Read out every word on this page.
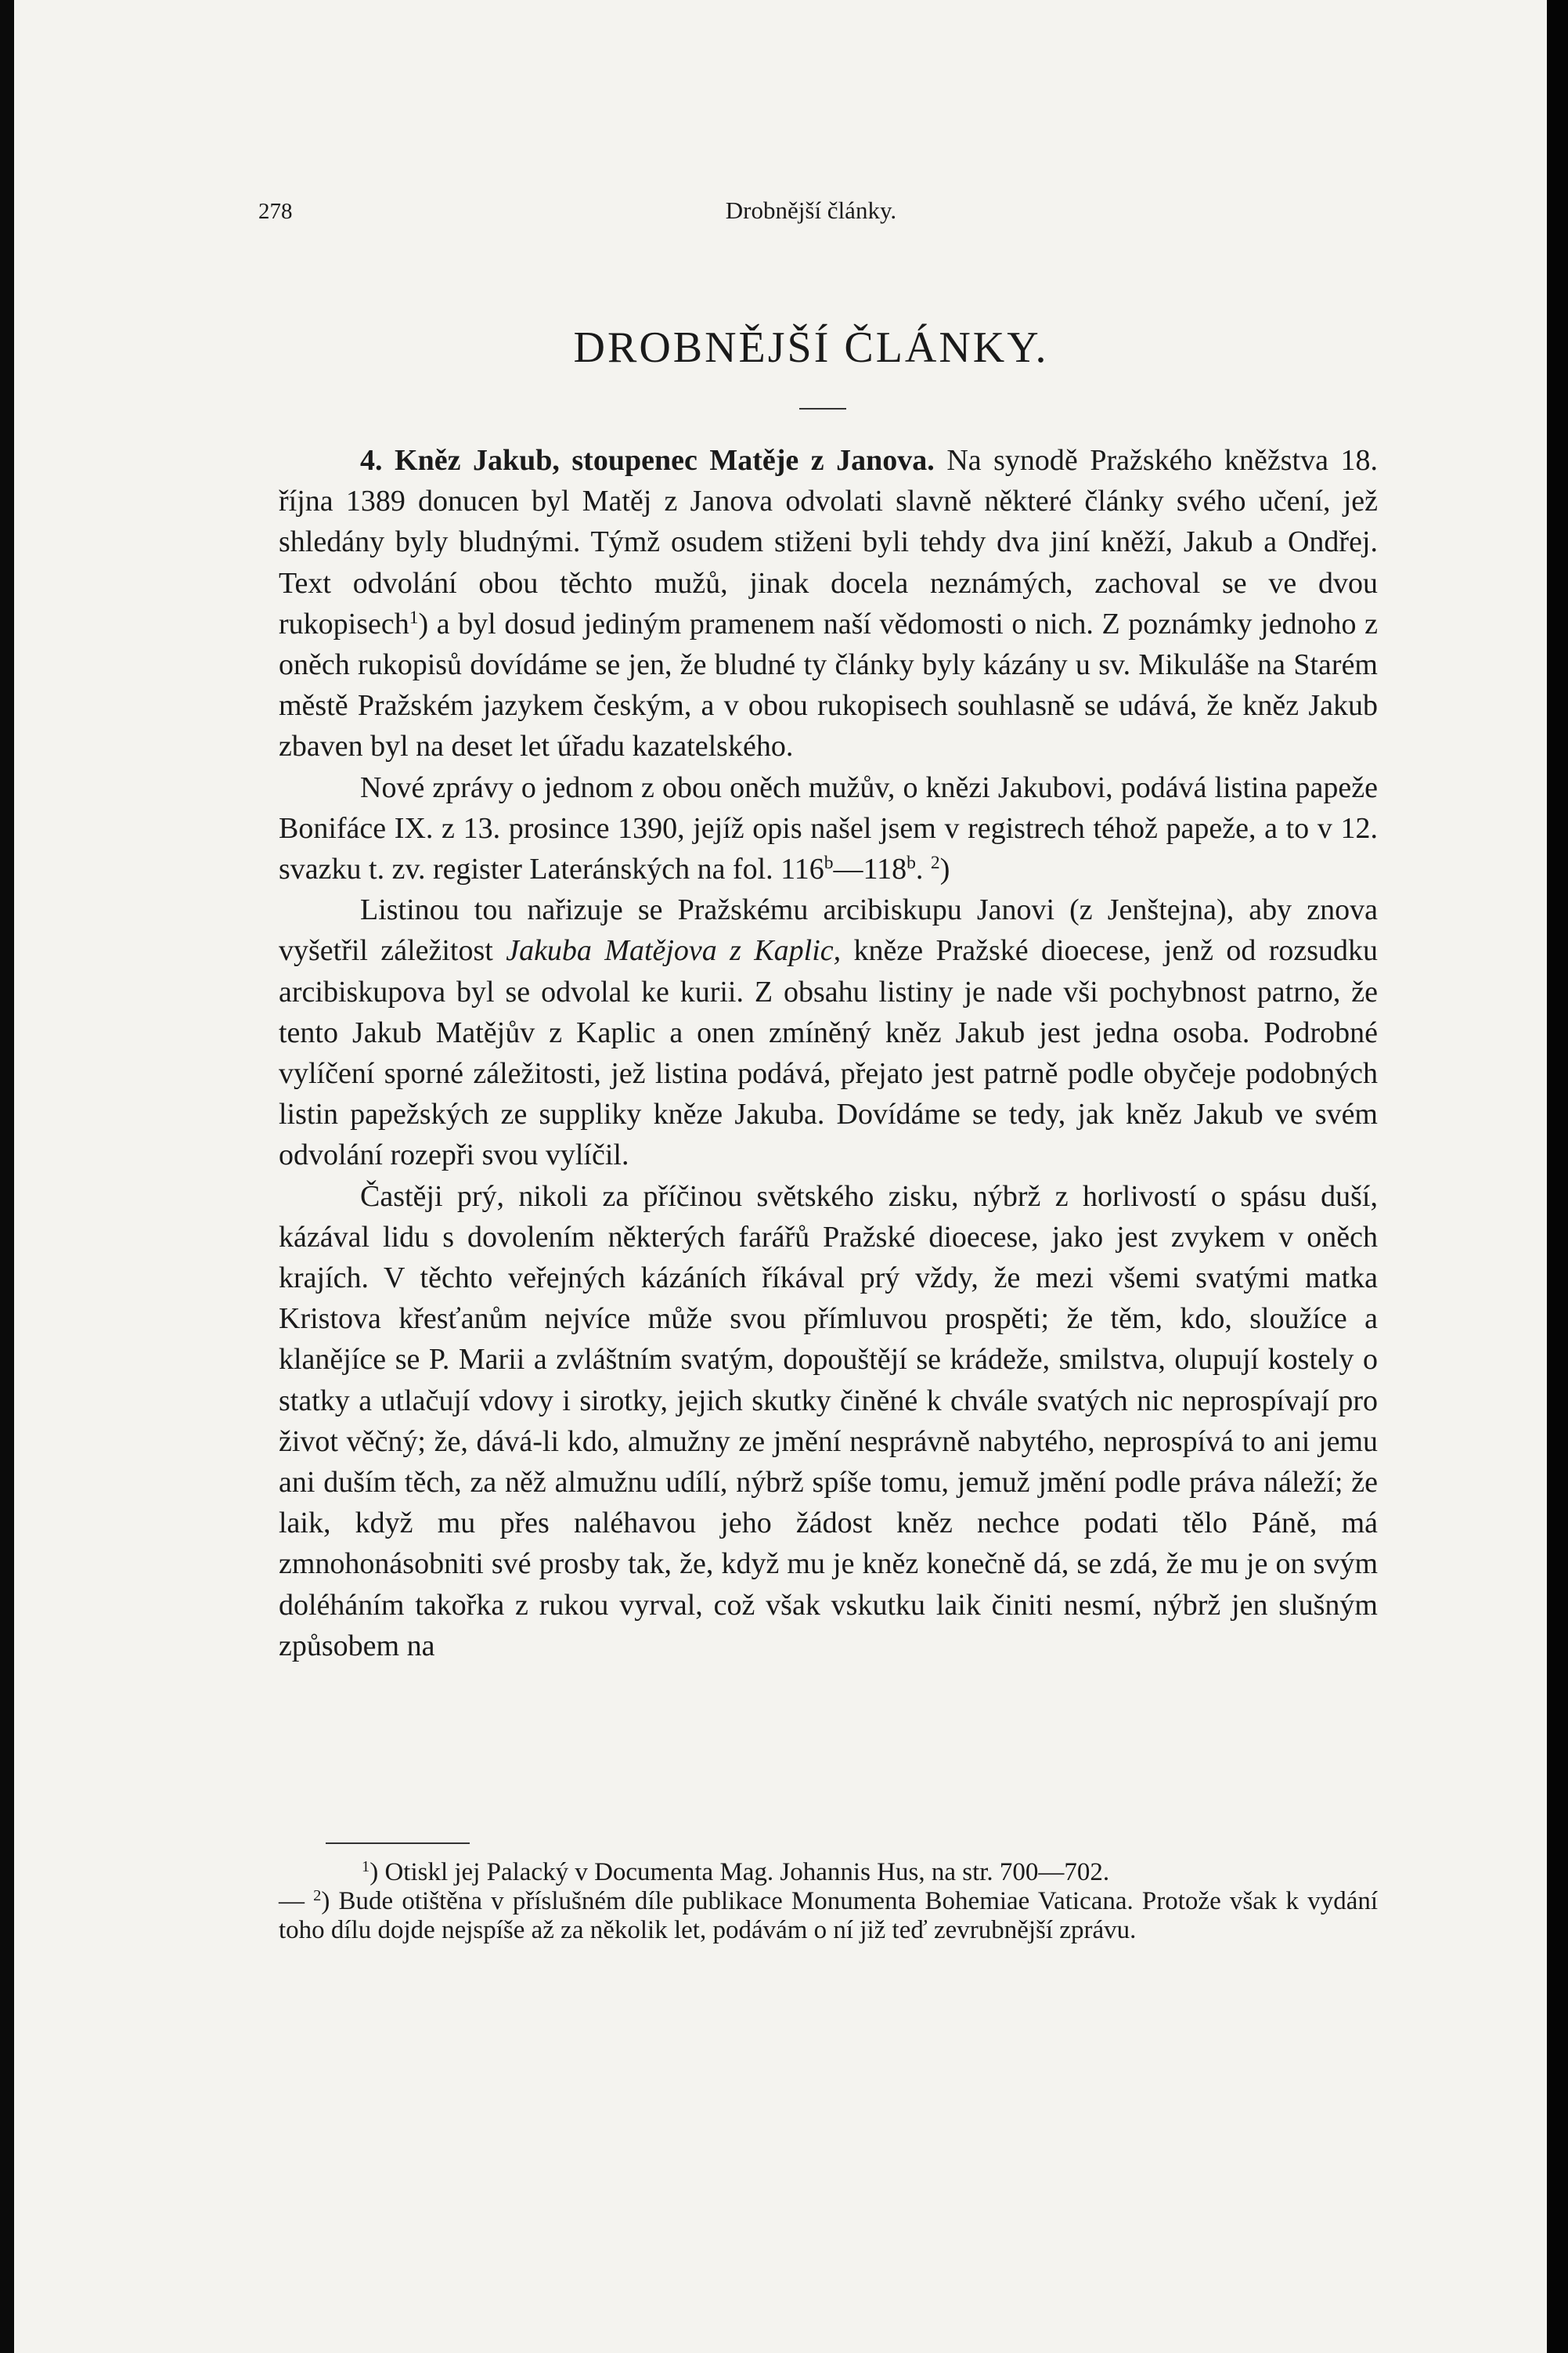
278	Drobnější články.
DROBNĚJŠÍ ČLÁNKY.

4. Kněz Jakub, stoupenec Matěje z Janova. Na synodě Pražského kněžstva 18. října 1389 donucen byl Matěj z Janova odvolati slavně některé články svého učení, jež shledány byly bludnými. Týmž osudem stiženi byli tehdy dva jiní kněží, Jakub a Ondřej. Text odvolání obou těchto mužů, jinak docela neznámých, zachoval se ve dvou rukopisech$^1$) a byl dosud jediným pramenem naší vědomosti o nich. Z poznámky jednoho z oněch rukopisů dovídáme se jen, že bludné ty články byly kázány u sv. Mikuláše na Starém městě Pražském jazykem českým, a v obou rukopisech souhlasně se udává, že kněz Jakub zbaven byl na deset let úřadu kazatelského.

Nové zprávy o jednom z obou oněch mužův, o knězi Jakubovi, podává listina papeže Bonifáce IX. z 13. prosince 1390, jejíž opis našel jsem v registrech téhož papeže, a to v 12. svazku t. zv. register Lateránských na fol. 116$^b$—118$^b$. $^2$)

Listinou tou nařizuje se Pražskému arcibiskupu Janovi (z Jenštejna), aby znova vyšetřil záležitost Jakuba Matějova z Kaplic, kněze Pražské dioecese, jenž od rozsudku arcibiskupova byl se odvolal ke kurii. Z obsahu listiny je nade vši pochybnost patrno, že tento Jakub Matějův z Kaplic a onen zmíněný kněz Jakub jest jedna osoba. Podrobné vylíčení sporné záležitosti, jež listina podává, přejato jest patrně podle obyčeje podobných listin papežských ze suppliky kněze Jakuba. Dovídáme se tedy, jak kněz Jakub ve svém odvolání rozepři svou vylíčil.

Častěji prý, nikoli za příčinou světského zisku, nýbrž z horlivostí o spásu duší, kázával lidu s dovolením některých farářů Pražské dioecese, jako jest zvykem v oněch krajích. V těchto veřejných kázáních říkával prý vždy, že mezi všemi svatými matka Kristova křesťanům nejvíce může svou přímluvou prospěti; že těm, kdo, sloužíce a klanějíce se P. Marii a zvláštním svatým, dopouštějí se krádeže, smilstva, olupují kostely o statky a utlačují vdovy i sirotky, jejich skutky činěné k chvále svatých nic neprospívají pro život věčný; že, dává-li kdo, almužny ze jmění nesprávně nabytého, neprospívá to ani jemu ani duším těch, za něž almužnu udílí, nýbrž spíše tomu, jemuž jmění podle práva náleží; že laik, když mu přes naléhavou jeho žádost kněz nechce podati tělo Páně, má zmnohonásobniti své prosby tak, že, když mu je kněz konečně dá, se zdá, že mu je on svým doléháním takořka z rukou vyrval, což však vskutku laik činiti nesmí, nýbrž jen slušným způsobem na

$^1$) Otiskl jej Palacký v Documenta Mag. Johannis Hus, na str. 700—702.

— $^2$) Bude otištěna v příslušném díle publikace Monumenta Bohemiae Vaticana. Protože však k vydání toho dílu dojde nejspíše až za několik let, podávám o ní již teď zevrubnější zprávu.
